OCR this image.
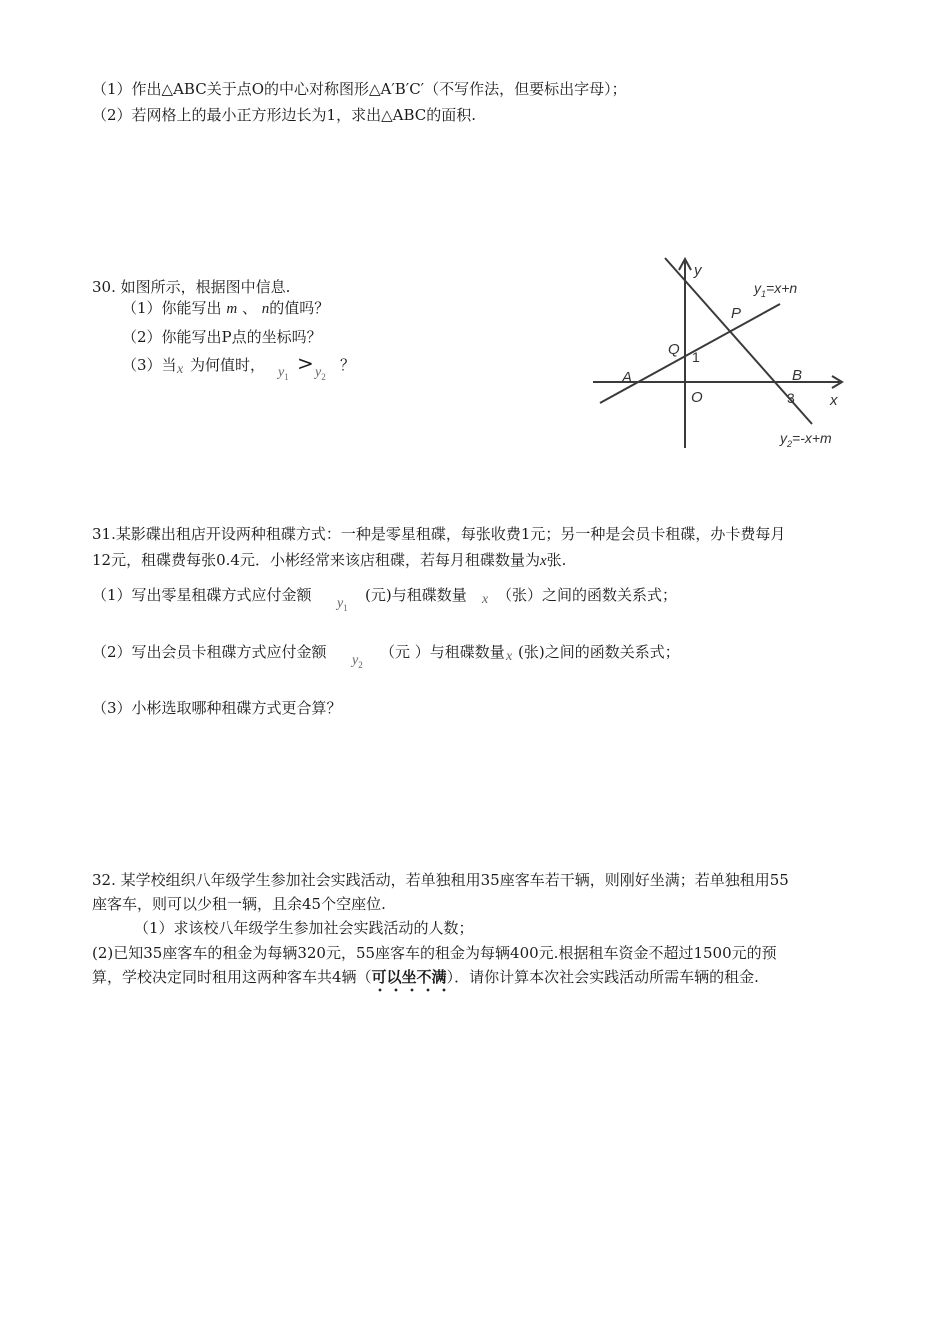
（1）作出△ABC关于点O的中心对称图形△A′B′C′（不写作法，但要标出字母）；
（2）若网格上的最小正方形边长为1，求出△ABC的面积.
30. 如图所示，根据图中信息.
（1）你能写出 m 、 n的值吗？
（2）你能写出P点的坐标吗？
（3）当 x 为何值时， $y_1$
> $y_2$
？
y
x
O
Q
P
A	B
1
3
$y_1=x+n$
$y_2=-x+m$
31.某影碟出租店开设两种租碟方式：一种是零星租碟，每张收费1元；另一种是会员卡租碟，办卡费每月
12元，租碟费每张0.4元．小彬经常来该店租碟，若每月租碟数量为x张.
（1）写出零星租碟方式应付金额 $y_1$
(元)与租碟数量 x （张）之间的函数关系式；
（2）写出会员卡租碟方式应付金额 $y_2$
（元 ）与租碟数量 x (张)之间的函数关系式；
（3）小彬选取哪种租碟方式更合算？
32. 某学校组织八年级学生参加社会实践活动，若单独租用35座客车若干辆，则刚好坐满；若单独租用55
座客车，则可以少租一辆，且余45个空座位.
（1）求该校八年级学生参加社会实践活动的人数；
(2)已知35座客车的租金为每辆320元，55座客车的租金为每辆400元.根据租车资金不超过1500元的预
算，学校决定同时租用这两种客车共4辆（可以坐不满
）．请你计算本次社会实践活动所需车辆的租金.
